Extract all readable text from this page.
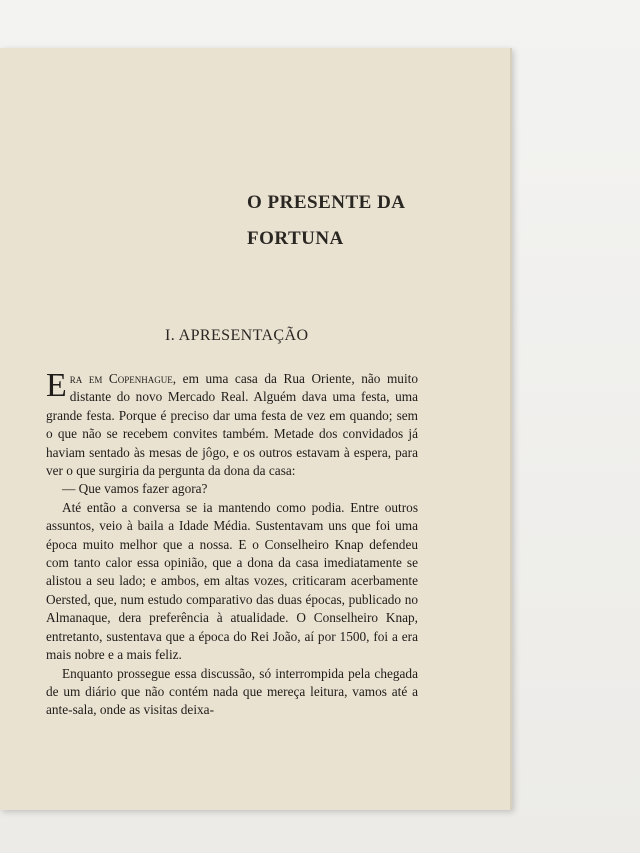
O PRESENTE DA
FORTUNA
I. APRESENTAÇÃO

Era em Copenhague, em uma casa da Rua Oriente, não muito distante do novo Mercado Real. Alguém dava uma festa, uma grande festa. Porque é preciso dar uma festa de vez em quando; sem o que não se recebem convites também. Metade dos convidados já haviam sentado às mesas de jôgo, e os outros estavam à espera, para ver o que surgiria da pergunta da dona da casa:

— Que vamos fazer agora?

Até então a conversa se ia mantendo como podia. Entre outros assuntos, veio à baila a Idade Média. Sustentavam uns que foi uma época muito melhor que a nossa. E o Conselheiro Knap defendeu com tanto calor essa opinião, que a dona da casa imediatamente se alistou a seu lado; e ambos, em altas vozes, criticaram acerbamente Oersted, que, num estudo comparativo das duas épocas, publicado no Almanaque, dera preferência à atualidade. O Conselheiro Knap, entretanto, sustentava que a época do Rei João, aí por 1500, foi a era mais nobre e a mais feliz.

Enquanto prossegue essa discussão, só interrompida pela chegada de um diário que não contém nada que mereça leitura, vamos até a ante-sala, onde as visitas deixa-
